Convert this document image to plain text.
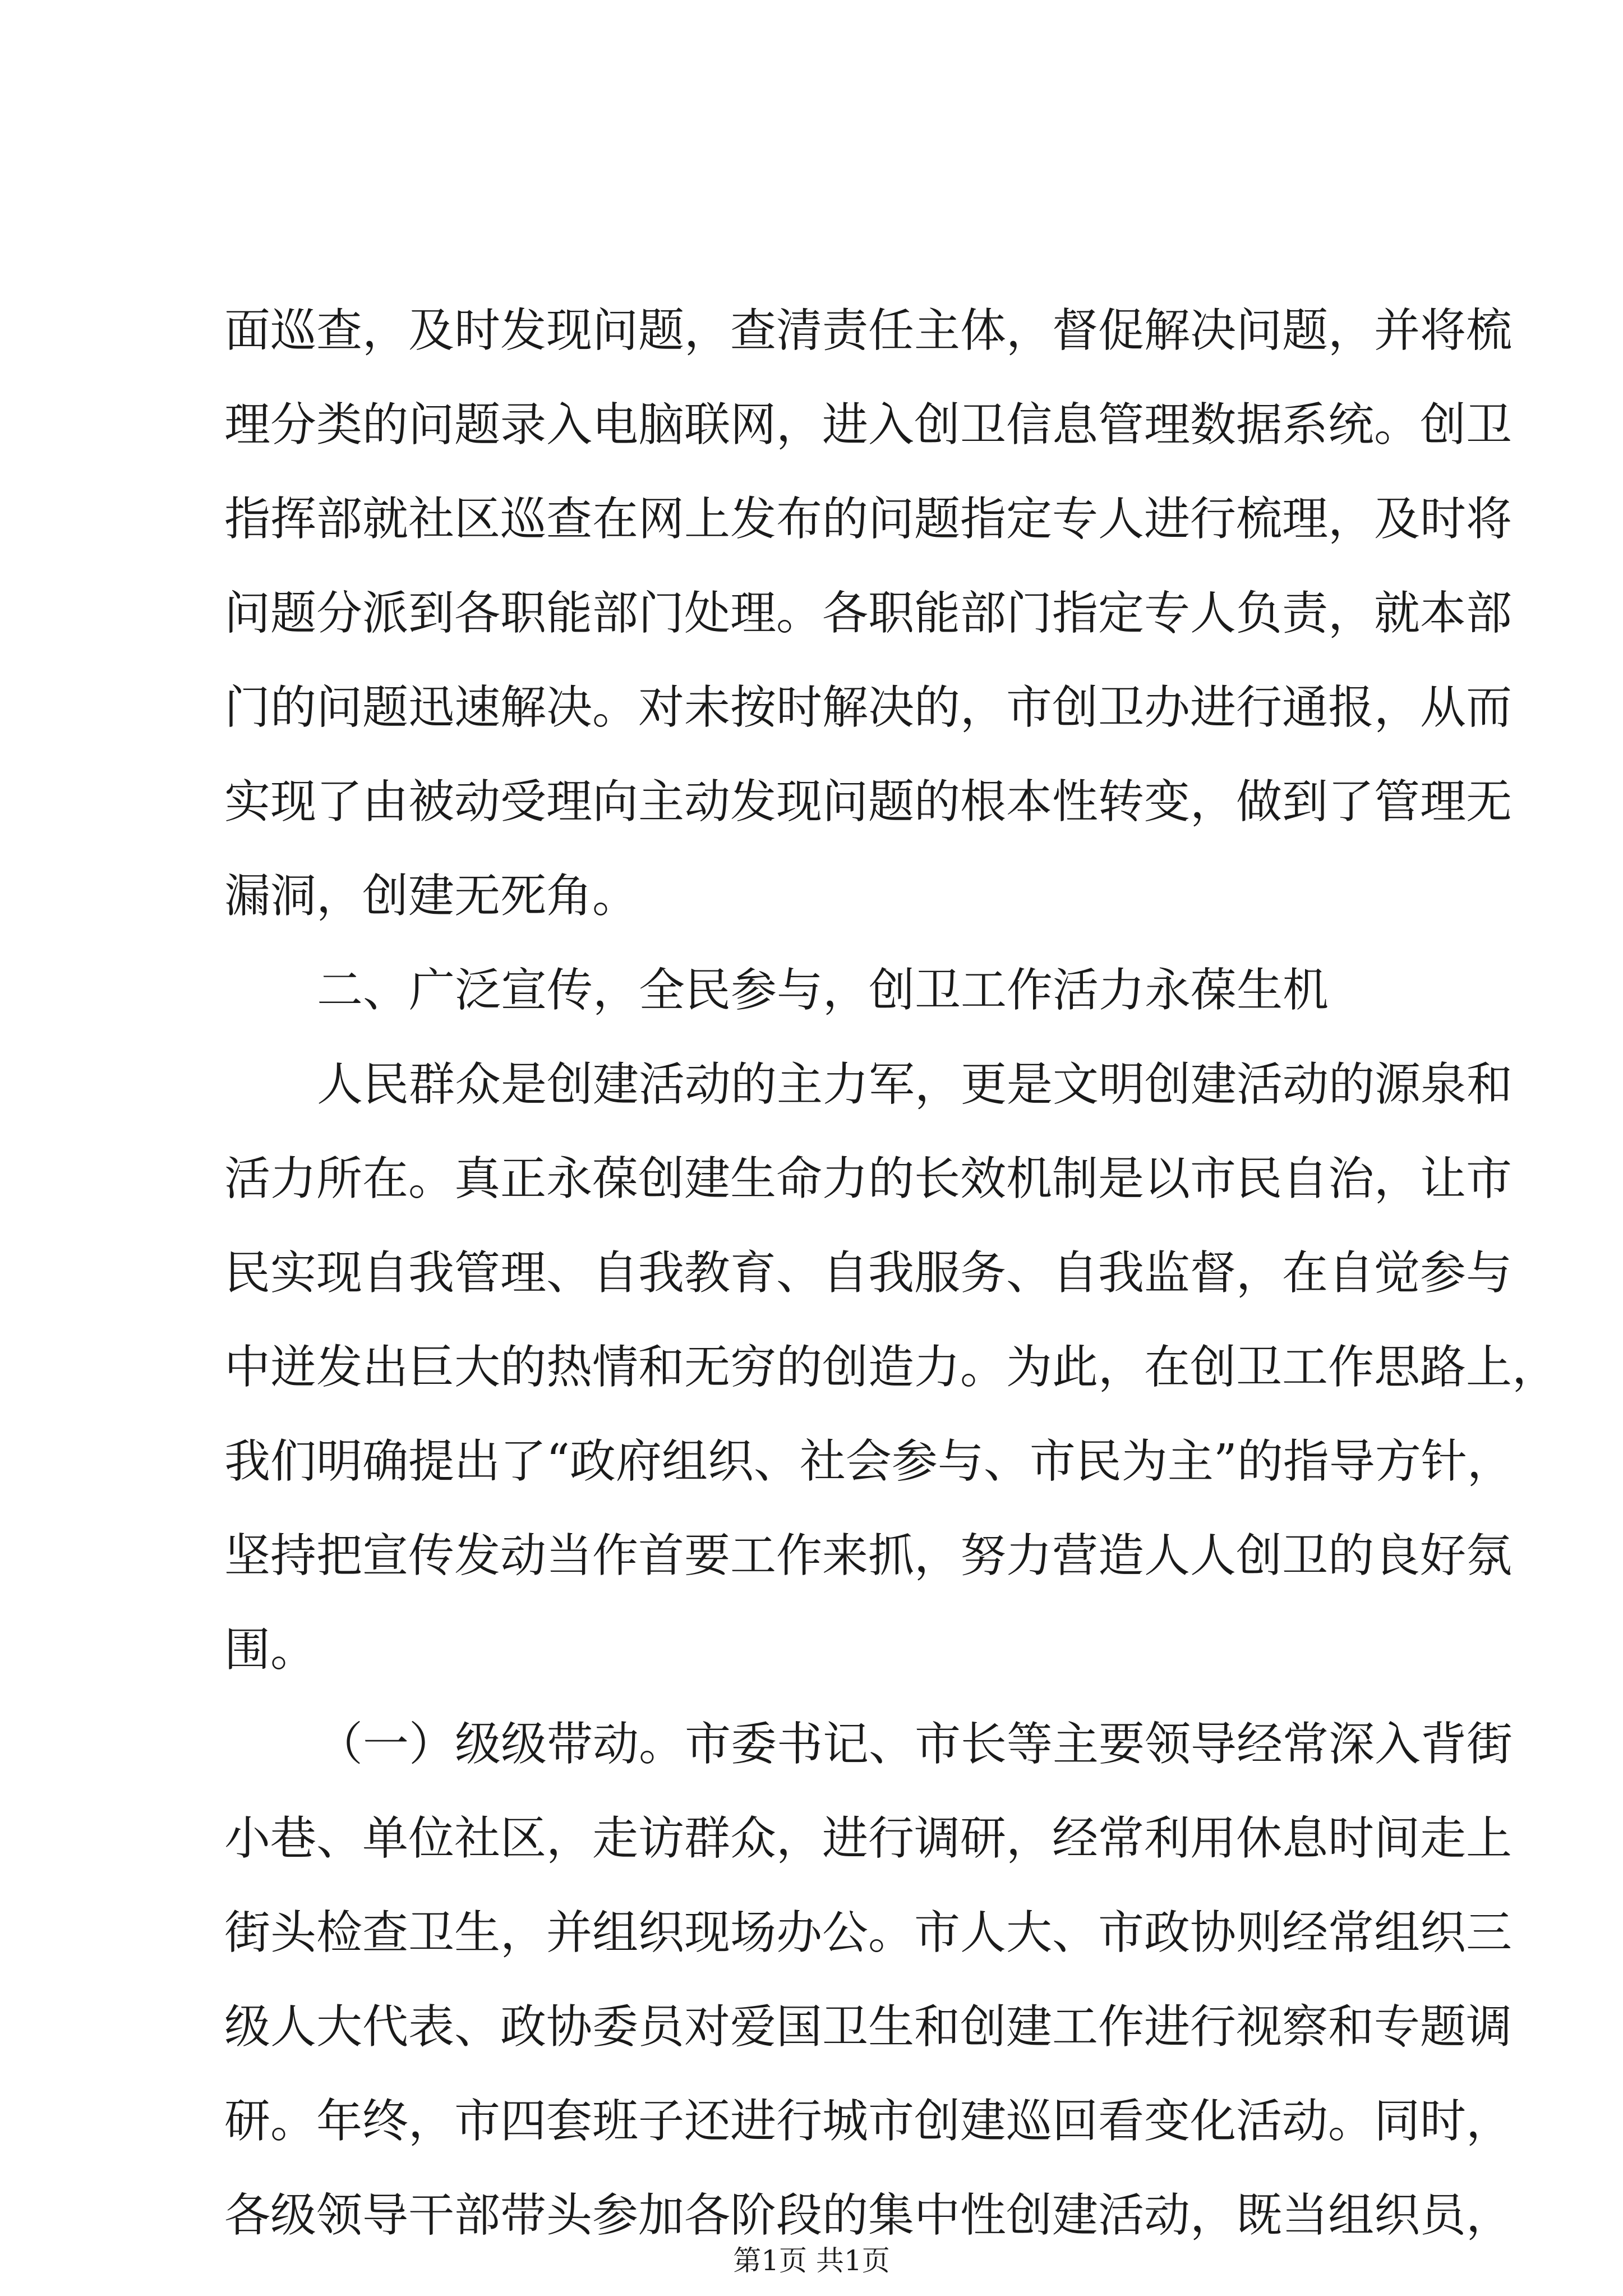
面巡查，及时发现问题，查清责任主体，督促解决问题，并将梳
理分类的问题录入电脑联网，进入创卫信息管理数据系统。创卫
指挥部就社区巡查在网上发布的问题指定专人进行梳理，及时将
问题分派到各职能部门处理。各职能部门指定专人负责，就本部
门的问题迅速解决。对未按时解决的，市创卫办进行通报，从而
实现了由被动受理向主动发现问题的根本性转变，做到了管理无
漏洞，创建无死角。
二、广泛宣传，全民参与，创卫工作活力永葆生机
人民群众是创建活动的主力军，更是文明创建活动的源泉和
活力所在。真正永葆创建生命力的长效机制是以市民自治，让市
民实现自我管理、自我教育、自我服务、自我监督，在自觉参与
中迸发出巨大的热情和无穷的创造力。为此，在创卫工作思路上，
我们明确提出了“政府组织、社会参与、市民为主”的指导方针，
坚持把宣传发动当作首要工作来抓，努力营造人人创卫的良好氛
围。
（一）级级带动。市委书记、市长等主要领导经常深入背街
小巷、单位社区，走访群众，进行调研，经常利用休息时间走上
街头检查卫生，并组织现场办公。市人大、市政协则经常组织三
级人大代表、政协委员对爱国卫生和创建工作进行视察和专题调
研。年终，市四套班子还进行城市创建巡回看变化活动。同时，
各级领导干部带头参加各阶段的集中性创建活动，既当组织员，
第1页 共1页
